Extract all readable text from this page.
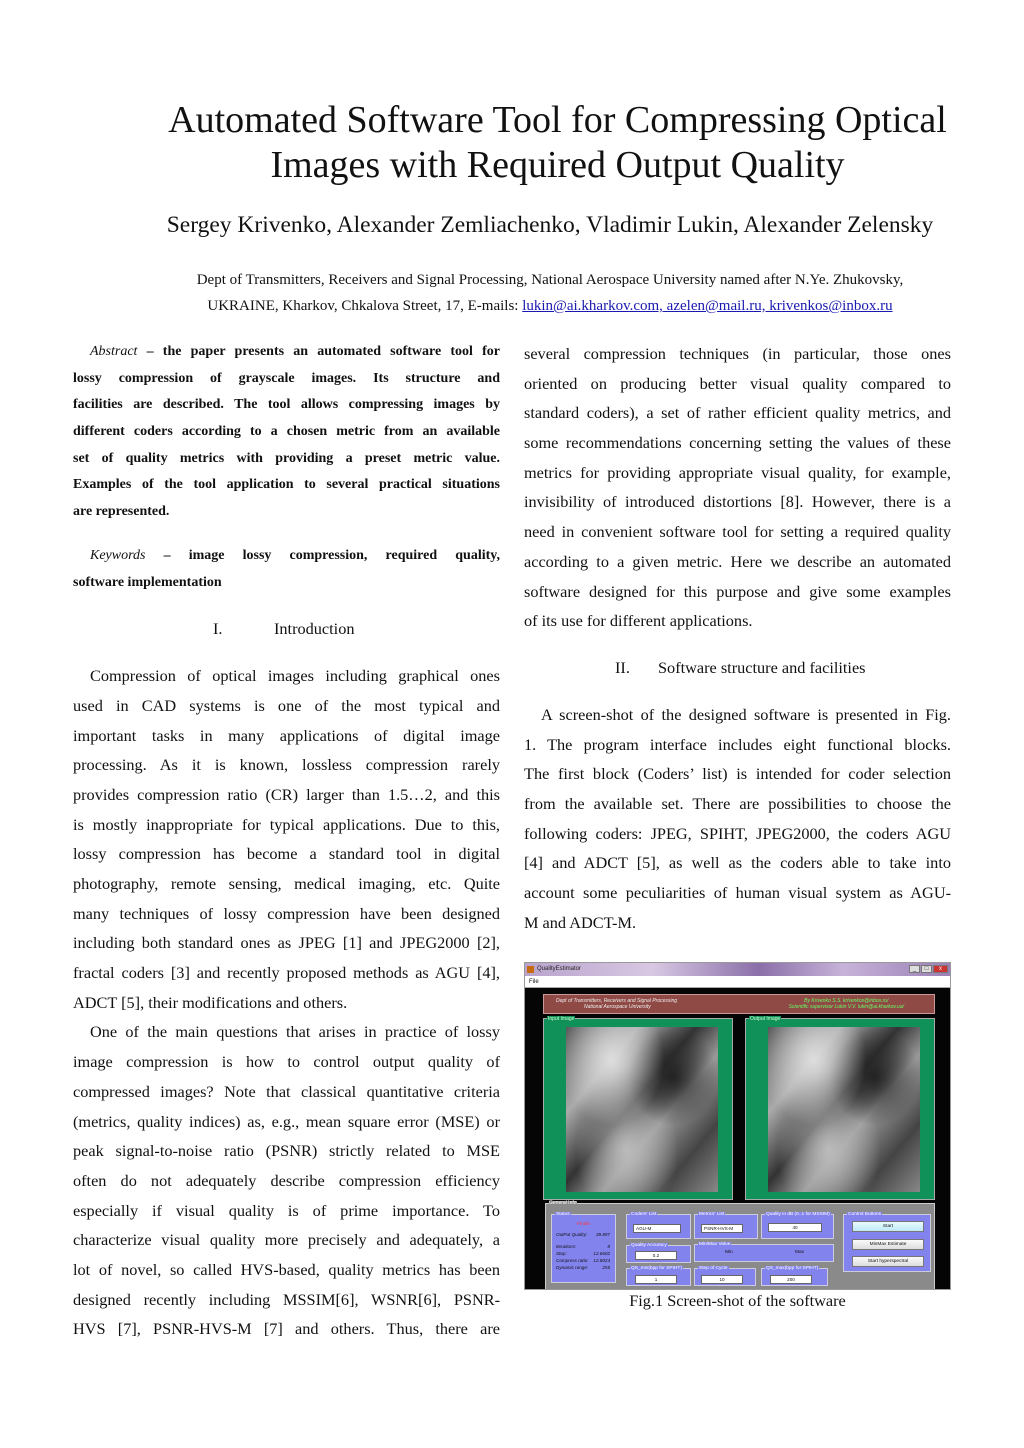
Automated Software Tool for Compressing Optical
Images with Required Output Quality
Sergey Krivenko, Alexander Zemliachenko, Vladimir Lukin, Alexander Zelensky
Dept of Transmitters, Receivers and Signal Processing, National Aerospace University named after N.Ye. Zhukovsky,
UKRAINE, Kharkov, Chkalova Street, 17, E-mails: lukin@ai.kharkov.com, azelen@mail.ru, krivenkos@inbox.ru
Abstract – the paper presents an automated software tool for
lossy compression of grayscale images. Its structure and
facilities are described. The tool allows compressing images by
different coders according to a chosen metric from an available
set of quality metrics with providing a preset metric value.
Examples of the tool application to several practical situations
are represented.
Keywords – image lossy compression, required quality,
software implementation
I.	Introduction
Compression of optical images including graphical ones
used in CAD systems is one of the most typical and
important tasks in many applications of digital image
processing. As it is known, lossless compression rarely
provides compression ratio (CR) larger than 1.5…2, and this
is mostly inappropriate for typical applications. Due to this,
lossy compression has become a standard tool in digital
photography, remote sensing, medical imaging, etc. Quite
many techniques of lossy compression have been designed
including both standard ones as JPEG [1] and JPEG2000 [2],
fractal coders [3] and recently proposed methods as AGU [4],
ADCT [5], their modifications and others.
One of the main questions that arises in practice of lossy
image compression is how to control output quality of
compressed images? Note that classical quantitative criteria
(metrics, quality indices) as, e.g., mean square error (MSE) or
peak signal-to-noise ratio (PSNR) strictly related to MSE
often do not adequately describe compression efficiency
especially if visual quality is of prime importance. To
characterize visual quality more precisely and adequately, a
lot of novel, so called HVS-based, quality metrics has been
designed recently including MSSIM[6], WSNR[6], PSNR-
HVS [7], PSNR-HVS-M [7] and others. Thus, there are
several compression techniques (in particular, those ones
oriented on producing better visual quality compared to
standard coders), a set of rather efficient quality metrics, and
some recommendations concerning setting the values of these
metrics for providing appropriate visual quality, for example,
invisibility of introduced distortions [8]. However, there is a
need in convenient software tool for setting a required quality
according to a given metric. Here we describe an automated
software designed for this purpose and give some examples
of its use for different applications.
II. Software structure and facilities
A screen-shot of the designed software is presented in Fig.
1. The program interface includes eight functional blocks.
The first block (Coders’ list) is intended for coder selection
from the available set. There are possibilities to choose the
following coders: JPEG, SPIHT, JPEG2000, the coders AGU
[4] and ADCT [5], as well as the coders able to take into
account some peculiarities of human visual system as AGU-
M and ADCT-M.
QualityEstimator	_	□	x
File
Dept of Transmitters, Receivers and Signal Processing
National Aerospace University
By Krivenko S.S. krivenkos@inbox.ru/
Scientific supervisor Lukin V.V. lukin@ai.kharkov.ua/
Input Image	Output Image
General Info
Status
Finish
OutPut Quality: 39.897
Iterations:	8
Step:	12.6602
Compress ratio: 12.8024
Dynamic range:	255
Coders' List
AGU-M
Metrics' List
PSNR-HVS-M
Quality in dB (0..1 for MSSIM)
40
Quality Accuracy
0.2
Min/Max Value
Min	Max
QS_min(bpp for SPIHT)
1
Step of Cycle
10
QS_max(bpp for SPIHT)
200
Control Buttons
Start
MinMax Estimate
Start hyperspectral
Fig.1 Screen-shot of the software
